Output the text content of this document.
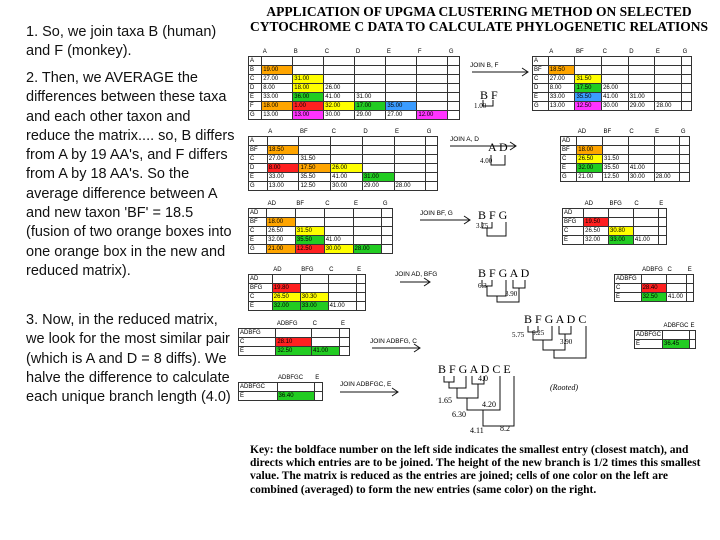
1. So, we join taxa B (human) and F (monkey).
2. Then, we AVERAGE the differences between these taxa and each other taxon and reduce the matrix.... so, B differs from A by 19 AA's, and F differs from A by 18 AA's. So the average difference between A and new taxon 'BF' = 18.5 (fusion of two orange boxes into one orange box in the new and reduced matrix).
3. Now, in the reduced matrix, we look for the most similar pair (which is A and D = 8 diffs). We halve the difference to calculate each unique branch length (4.0)
APPLICATION OF UPGMA CLUSTERING METHOD ON SELECTED CYTOCHROME C DATA TO CALCULATE PHYLOGENETIC RELATIONS
	A	B	C	D	E	F	G
A							
B	19.00						
C	27.00	31.00					
D	8.00	18.00	26.00				
E	33.00	36.00	41.00	31.00			
F	18.00	1.00	32.00	17.00	35.00		
G	13.00	13.00	30.00	29.00	27.00	12.00	
	A	BF	C	D	E	G
A						
BF	18.50					
C	27.00	31.50				
D	8.00	17.50	26.00			
E	33.00	35.50	41.00	31.00		
G	13.00	12.50	30.00	29.00	28.00	
	A	BF	C	D	E	G
A						
BF	18.50					
C	27.00	31.50				
D	8.00	17.50	26.00			
E	33.00	35.50	41.00	31.00		
G	13.00	12.50	30.00	29.00	28.00	
	AD	BF	C	E	G
AD					
BF	18.00				
C	26.50	31.50			
E	32.00	35.50	41.00		
G	21.00	12.50	30.00	28.00	
	AD	BF	C	E	G
AD					
BF	18.00				
C	26.50	31.50			
E	32.00	35.50	41.00		
G	21.00	12.50	30.00	28.00	
	AD	BFG	C	E
AD				
BFG	19.50			
C	26.50	30.80		
E	32.00	33.00	41.00	
	AD	BFG	C	E
AD				
BFG	19.80			
C	26.50	30.30		
E	32.00	33.00	41.00	
	ADBFG	C	E
ADBFG			
C	28.40		
E	32.50	41.00	
	ADBFG	C	E
ADBFG			
C	28.10		
E	32.50	41.00	
	ADBFGC	E
ADBFGC		
E	36.45	
	ADBFGC	E
ADBFGC		
E	36.40	
JOIN B, F
JOIN A, D
JOIN BF, G
JOIN AD, BFG
JOIN ADBFG, C
JOIN ADBFGC, E
B F
A D
B F G
B F G A D
B F G A D C
B F G A D C E
1.00
4.00
3.75
6.3
3.90
5.75 6.25
3.90
4.0
1.65	4.20
6.30
4.11 8.2
(Rooted)
Key: the boldface number on the left side indicates the smallest entry (closest match), and directs which entries are to be joined. The height of the new branch is 1/2 times this smallest value. The matrix is reduced as the entries are joined; cells of one color on the left are combined (averaged) to form the new entries (same color) on the right.
